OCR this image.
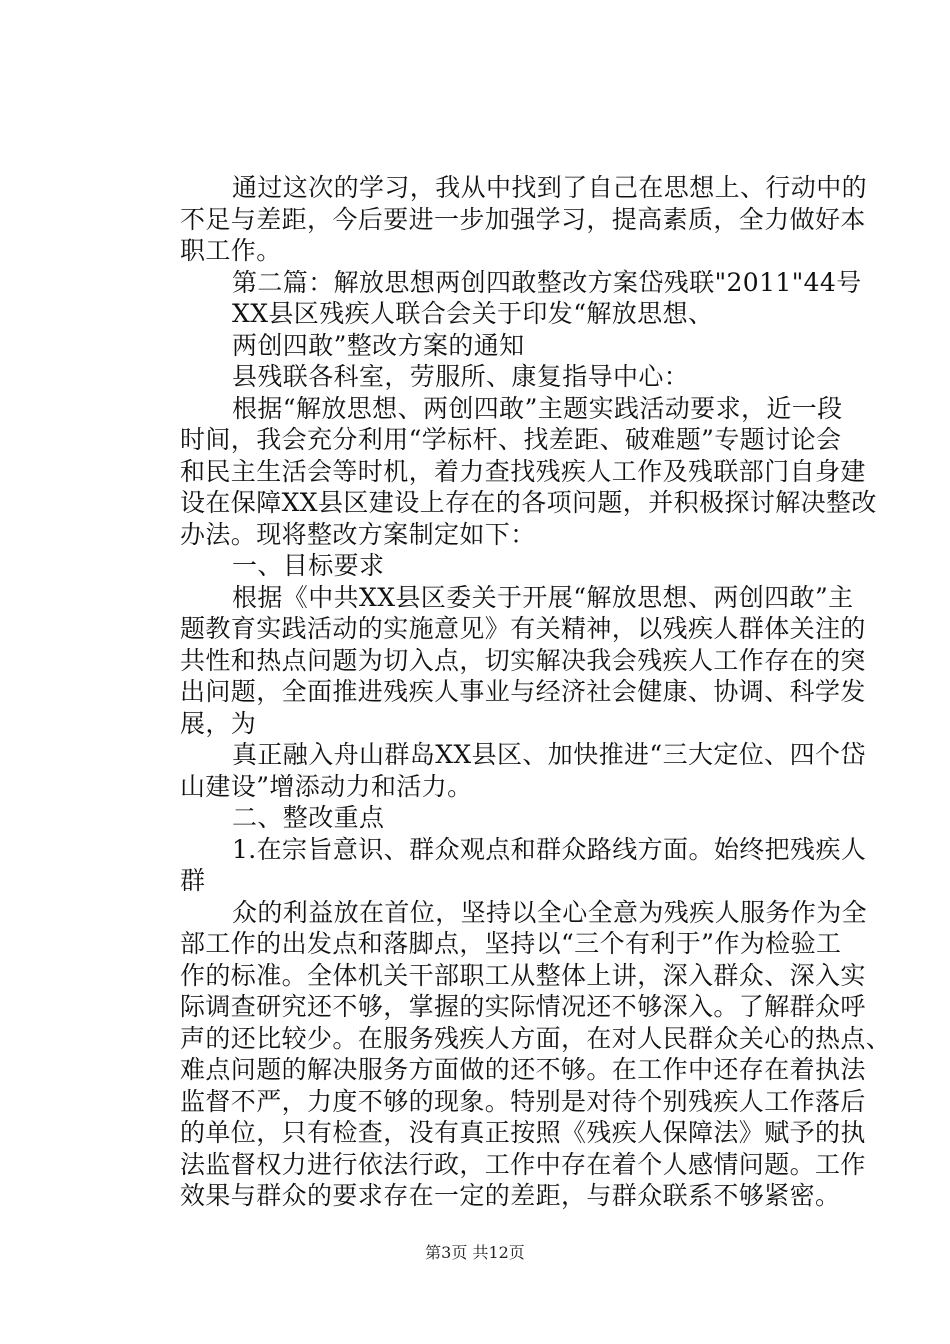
通过这次的学习，我从中找到了自己在思想上、行动中的
不足与差距，今后要进一步加强学习，提高素质，全力做好本
职工作。
第二篇：解放思想两创四敢整改方案岱残联"2011"44号
XX县区残疾人联合会关于印发“解放思想、
两创四敢”整改方案的通知
县残联各科室，劳服所、康复指导中心：
根据“解放思想、两创四敢”主题实践活动要求，近一段
时间，我会充分利用“学标杆、找差距、破难题”专题讨论会
和民主生活会等时机，着力查找残疾人工作及残联部门自身建
设在保障XX县区建设上存在的各项问题，并积极探讨解决整改
办法。现将整改方案制定如下：
一、目标要求
根据《中共XX县区委关于开展“解放思想、两创四敢”主
题教育实践活动的实施意见》有关精神，以残疾人群体关注的
共性和热点问题为切入点，切实解决我会残疾人工作存在的突
出问题，全面推进残疾人事业与经济社会健康、协调、科学发
展，为
真正融入舟山群岛XX县区、加快推进“三大定位、四个岱
山建设”增添动力和活力。
二、整改重点
1.在宗旨意识、群众观点和群众路线方面。始终把残疾人
群
众的利益放在首位，坚持以全心全意为残疾人服务作为全
部工作的出发点和落脚点，坚持以“三个有利于”作为检验工
作的标准。全体机关干部职工从整体上讲，深入群众、深入实
际调查研究还不够，掌握的实际情况还不够深入。了解群众呼
声的还比较少。在服务残疾人方面，在对人民群众关心的热点、
难点问题的解决服务方面做的还不够。在工作中还存在着执法
监督不严，力度不够的现象。特别是对待个别残疾人工作落后
的单位，只有检查，没有真正按照《残疾人保障法》赋予的执
法监督权力进行依法行政，工作中存在着个人感情问题。工作
效果与群众的要求存在一定的差距，与群众联系不够紧密。
第3页 共12页
